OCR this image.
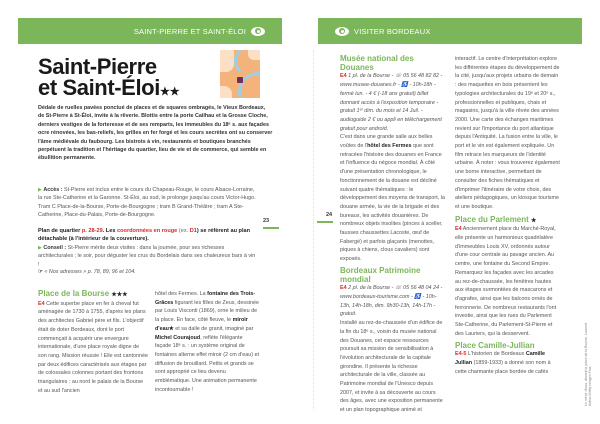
SAINT-PIERRE ET SAINT-ÉLOI
Saint-Pierre
et Saint-Éloi★★

Dédale de ruelles pavées ponctué de places et de squares ombragés, le Vieux Bordeaux, de St-Pierre à St-Éloi, invite à la rêverie. Blottis entre la porte Cailhau et la Grosse Cloche, derniers vestiges de la forteresse et de ses remparts, les immeubles du 18ᵉ s. aux façades ocre rénovées, les bas-reliefs, les grilles en fer forgé et les cours secrètes ont su conserver l'âme médiévale du faubourg. Les bistrots à vin, restaurants et boutiques branchés perpétuent la tradition et l'héritage du quartier, lieu de vie et de commerce, qui semble en ébullition permanente.

▶ Accès : St-Pierre est inclus entre le cours du Chapeau-Rouge, le cours Alsace-Lorraine, la rue Ste-Catherine et la Garonne. St-Éloi, au sud, le prolonge jusqu'au cours Victor-Hugo. Tram C Place-de-la-Bourse, Porte-de-Bourgogne ; tram B Grand-Théâtre ; tram A Ste-Catherine, Place-du-Palais, Porte-de-Bourgogne.

Plan de quartier p. 28-29. Les coordonnées en rouge (ex. D1) se réfèrent au plan détachable (à l'intérieur de la couverture).

▶ Conseil : St-Pierre mérite deux visites : dans la journée, pour ses richesses architecturales ; le soir, pour déguster les crus du Bordelais dans ses chaleureux bars à vin !

☞ « Nos adresses » p. 78, 89, 96 et 104.

23
Place de la Bourse ★★★
E4 Cette superbe place en fer à cheval fut aménagée de 1730 à 1755, d'après les plans des architectes Gabriel père et fils. L'objectif était de doter Bordeaux, dont le port commençait à acquérir une envergure internationale, d'une place royale digne de son rang. Mission réussie ! Elle est cantonnée par deux édifices caractérisés aux étages par de colossales colonnes portant des frontons triangulaires : au nord le palais de la Bourse et au sud l'ancien
hôtel des Fermes. La fontaine des Trois-Grâces figurant les filles de Zeus, dessinée par Louis Visconti (1869), orne le milieu de la place. En face, côté fleuve, le miroir d'eau★ et sa dalle de granit, imaginé par Michel Courajoud, reflète l'élégante façade 18ᵉ s. : un système original de fontaines alterne effet miroir (2 cm d'eau) et diffusion de brouillard. Petits et grands se sont approprié ce lieu devenu emblématique. Une animation permanente incontournable !
VISITER BORDEAUX
24
Musée national des Douanes
E4 1 pl. de la Bourse - ☏ 05 56 48 82 82 - www.musee-douanes.fr - ♿ - 10h-18h - fermé lun. - 4 € (-18 ans gratuit) billet donnant accès à l'exposition temporaire - gratuit 1ᵉʳ dim. du mois et 14 Juil. - audioguide 2 € ou appli en téléchargement gratuit pour android.
C'est dans une grande salle aux belles voûtes de l'hôtel des Fermes que sont retracées l'histoire des douanes en France et l'influence du négoce mondial. À côté d'une présentation chronologique, le fonctionnement de la douane est décliné suivant quatre thématiques : le développement des moyens de transport, la douane armée, la vie de la brigade et des bureaux, les activités douanières. De nombreux objets insolites (pinces à sceller, fausses chaussettes Lacoste, œuf de Fabergé) et parfois glaçants (menottes, piques à chiens, clous cavaliers) sont exposés.
Bordeaux Patrimoine mondial
E4 2 pl. de la Bourse - ☏ 05 56 48 04 24 - www.bordeaux-tourisme.com - ♿ - 10h-13h, 14h-18h, dim. 9h30-13h, 14h-17h - gratuit.
Installé au rez-de-chaussée d'un édifice de la fin du 18ᵉ s., voisin du musée national des Douanes, cet espace ressources poursuit sa mission de sensibilisation à l'évolution architecturale de la capitale girondine. Il présente la richesse architecturale de la ville, classée au Patrimoine mondial de l'Unesco depuis 2007, et invite à sa découverte au cours des âges, avec une exposition permanente et un plan topographique animé et
interactif. Le centre d'interprétation explore les différentes étapes du développement de la cité, jusqu'aux projets urbains de demain : des maquettes en bois présentent les typologies architecturales du 19ᵉ et 20ᵉ s., professionnelles et publiques, chais et magasins, jusqu'à la ville rêvée des années 2000. Une carte des échanges maritimes revient sur l'importance du port atlantique depuis l'Antiquité. La fusion entre la ville, le port et le vin est également expliquée. Un film retrace les marqueurs de l'identité urbaine. À noter : vous trouverez également une borne interactive, permettant de consulter des fiches thématiques et d'imprimer l'itinéraire de votre choix, des ateliers pédagogiques, un kiosque tourisme et une boutique.
Place du Parlement ★
E4 Anciennement place du Marché-Royal, elle présente un harmonieux quadrilatère d'immeubles Louis XV, ordonnés autour d'une cour centrale au pavage ancien. Au centre, une fontaine du Second Empire. Remarquez les façades avec les arcades au rez-de-chaussée, les fenêtres hautes aux étages surmontées de mascarons et d'agrafes, ainsi que les balcons ornés de ferronnerie. De nombreux restaurants l'ont investie, ainsi que les rues du Parlement Ste-Catherine, du Parlement-St-Pierre et des Lauriers, qui la desservent.
Place Camille-Jullian
E4-5 L'historien de Bordeaux Camille Jullian (1859-1933) a donné son nom à cette charmante place bordée de cafés	Le miroir d'eau, devant la place de la Bourse. Laurent Astruc/Getty Images Plus
